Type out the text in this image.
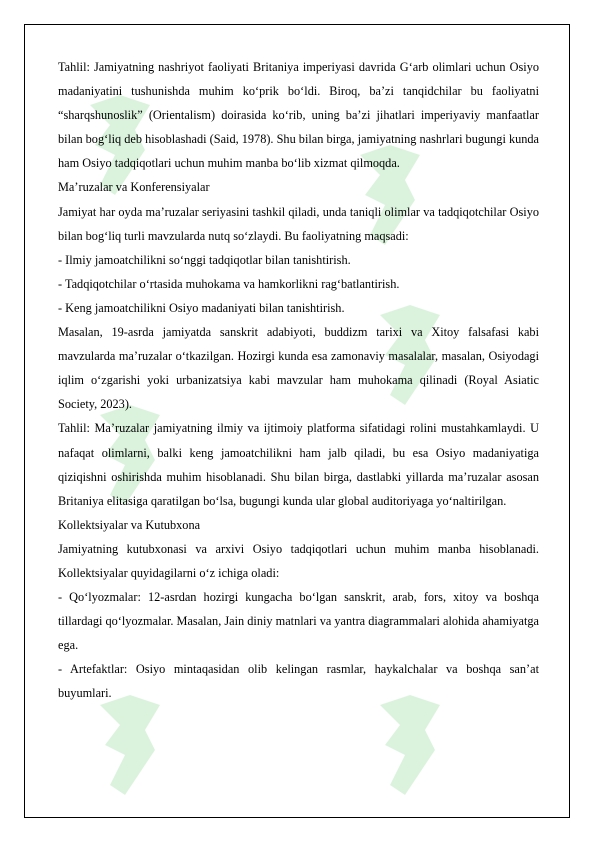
Tahlil: Jamiyatning nashriyot faoliyati Britaniya imperiyasi davrida G‘arb olimlari uchun Osiyo madaniyatini tushunishda muhim ko‘prik bo‘ldi. Biroq, ba’zi tanqidchilar bu faoliyatni “sharqshunoslik” (Orientalism) doirasida ko‘rib, uning ba’zi jihatlari imperiyaviy manfaatlar bilan bog‘liq deb hisoblashadi (Said, 1978). Shu bilan birga, jamiyatning nashrlari bugungi kunda ham Osiyo tadqiqotlari uchun muhim manba bo‘lib xizmat qilmoqda.

Ma’ruzalar va Konferensiyalar

Jamiyat har oyda ma’ruzalar seriyasini tashkil qiladi, unda taniqli olimlar va tadqiqotchilar Osiyo bilan bog‘liq turli mavzularda nutq so‘zlaydi. Bu faoliyatning maqsadi:

- Ilmiy jamoatchilikni so‘nggi tadqiqotlar bilan tanishtirish.

- Tadqiqotchilar o‘rtasida muhokama va hamkorlikni rag‘batlantirish.

- Keng jamoatchilikni Osiyo madaniyati bilan tanishtirish.

Masalan, 19-asrda jamiyatda sanskrit adabiyoti, buddizm tarixi va Xitoy falsafasi kabi mavzularda ma’ruzalar o‘tkazilgan. Hozirgi kunda esa zamonaviy masalalar, masalan, Osiyodagi iqlim o‘zgarishi yoki urbanizatsiya kabi mavzular ham muhokama qilinadi (Royal Asiatic Society, 2023).

Tahlil: Ma’ruzalar jamiyatning ilmiy va ijtimoiy platforma sifatidagi rolini mustahkamlaydi. U nafaqat olimlarni, balki keng jamoatchilikni ham jalb qiladi, bu esa Osiyo madaniyatiga qiziqishni oshirishda muhim hisoblanadi. Shu bilan birga, dastlabki yillarda ma’ruzalar asosan Britaniya elitasiga qaratilgan bo‘lsa, bugungi kunda ular global auditoriyaga yo‘naltirilgan.

Kollektsiyalar va Kutubxona

Jamiyatning kutubxonasi va arxivi Osiyo tadqiqotlari uchun muhim manba hisoblanadi. Kollektsiyalar quyidagilarni o‘z ichiga oladi:

- Qo‘lyozmalar: 12-asrdan hozirgi kungacha bo‘lgan sanskrit, arab, fors, xitoy va boshqa tillardagi qo‘lyozmalar. Masalan, Jain diniy matnlari va yantra diagrammalari alohida ahamiyatga ega.

- Artefaktlar: Osiyo mintaqasidan olib kelingan rasmlar, haykalchalar va boshqa san’at buyumlari.
